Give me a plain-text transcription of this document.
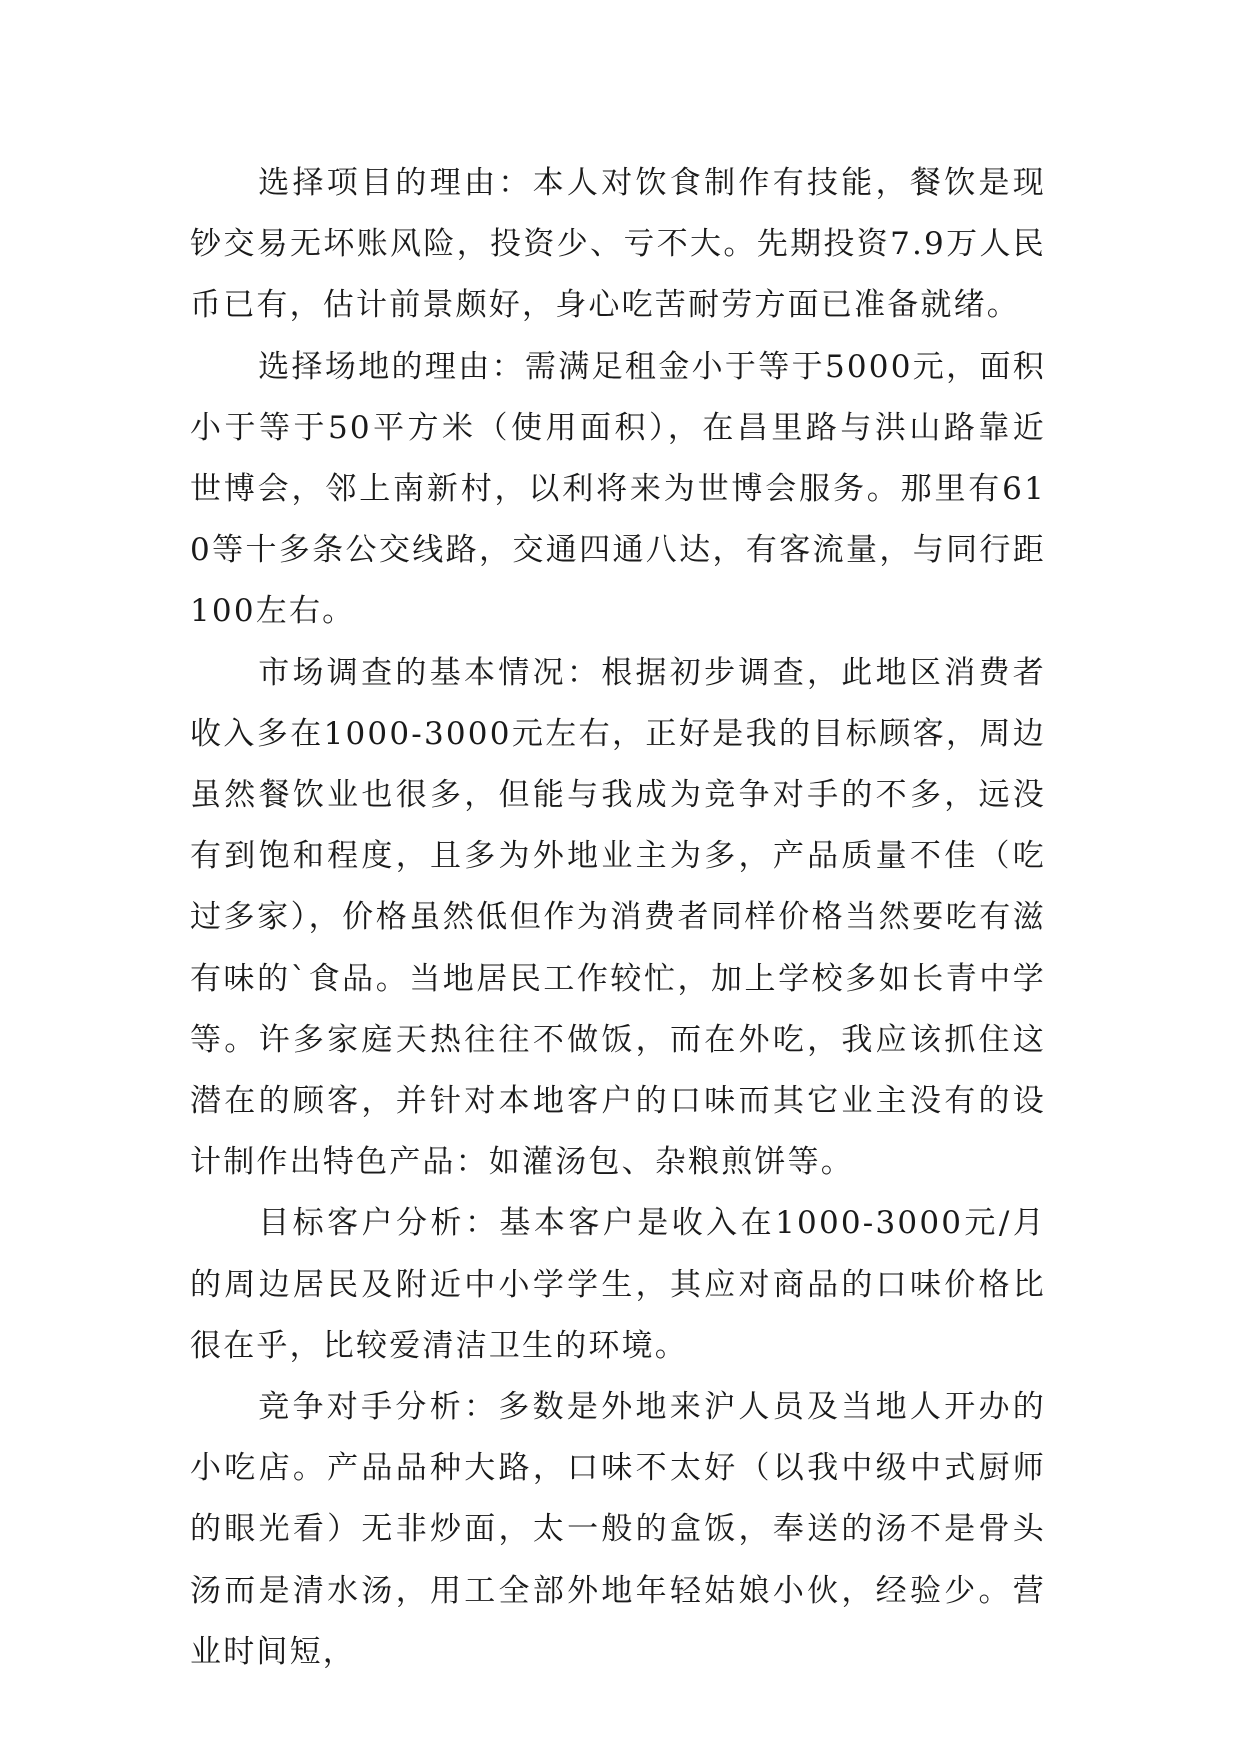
选择项目的理由：本人对饮食制作有技能，餐饮是现钞交易无坏账风险，投资少、亏不大。先期投资7.9万人民币已有，估计前景颇好，身心吃苦耐劳方面已准备就绪。

选择场地的理由：需满足租金小于等于5000元，面积小于等于50平方米（使用面积），在昌里路与洪山路靠近世博会，邻上南新村，以利将来为世博会服务。那里有610等十多条公交线路，交通四通八达，有客流量，与同行距100左右。

市场调查的基本情况：根据初步调查，此地区消费者收入多在1000-3000元左右，正好是我的目标顾客，周边虽然餐饮业也很多，但能与我成为竞争对手的不多，远没有到饱和程度，且多为外地业主为多，产品质量不佳（吃过多家），价格虽然低但作为消费者同样价格当然要吃有滋有味的`食品。当地居民工作较忙，加上学校多如长青中学等。许多家庭天热往往不做饭，而在外吃，我应该抓住这潜在的顾客，并针对本地客户的口味而其它业主没有的设计制作出特色产品：如灌汤包、杂粮煎饼等。

目标客户分析：基本客户是收入在1000-3000元/月的周边居民及附近中小学学生，其应对商品的口味价格比很在乎，比较爱清洁卫生的环境。

竞争对手分析：多数是外地来沪人员及当地人开办的小吃店。产品品种大路，口味不太好（以我中级中式厨师的眼光看）无非炒面，太一般的盒饭，奉送的汤不是骨头汤而是清水汤，用工全部外地年轻姑娘小伙，经验少。营业时间短，
